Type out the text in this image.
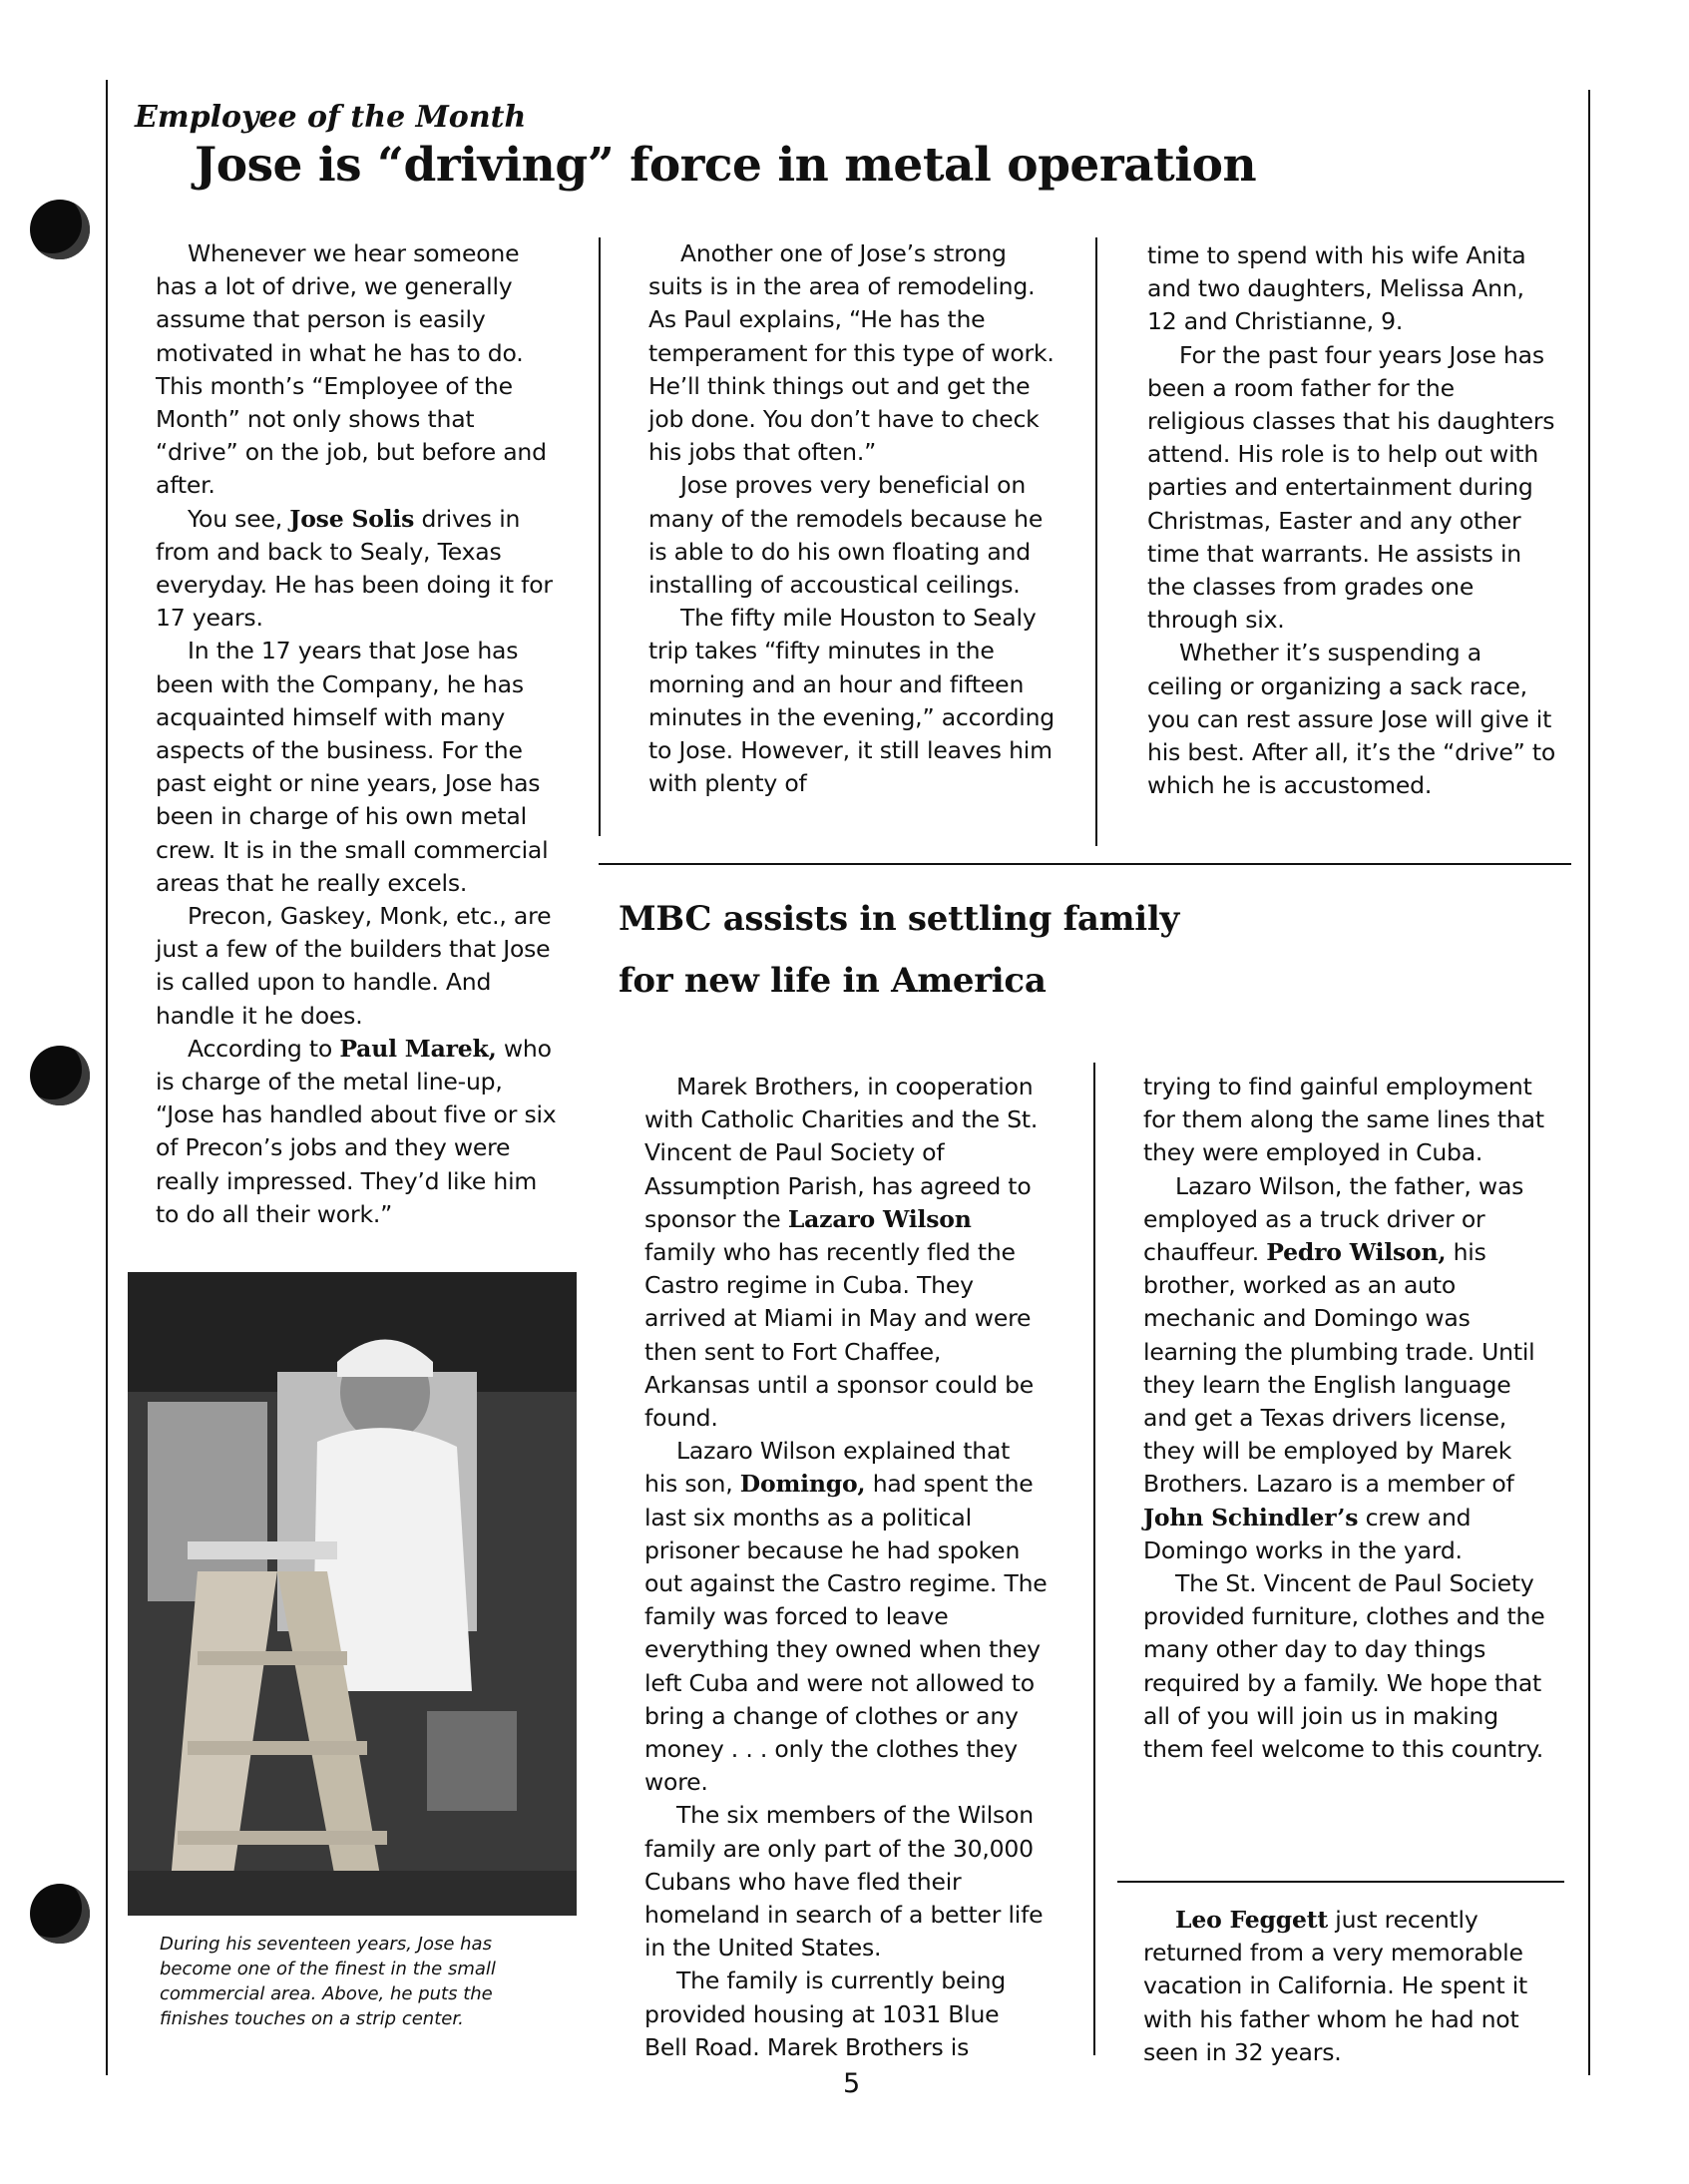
Employee of the Month
Jose is “driving” force in metal operation

Whenever we hear someone has a lot of drive, we generally assume that person is easily motivated in what he has to do. This month’s “Employee of the Month” not only shows that “drive” on the job, but before and after.

You see, Jose Solis drives in from and back to Sealy, Texas everyday. He has been doing it for 17 years.

In the 17 years that Jose has been with the Company, he has acquainted himself with many aspects of the business. For the past eight or nine years, Jose has been in charge of his own metal crew. It is in the small commercial areas that he really excels.

Precon, Gaskey, Monk, etc., are just a few of the builders that Jose is called upon to handle. And handle it he does.

According to Paul Marek, who is charge of the metal line-up, “Jose has handled about five or six of Precon’s jobs and they were really impressed. They’d like him to do all their work.”

During his seventeen years, Jose has become one of the finest in the small commercial area. Above, he puts the finishes touches on a strip center.

Another one of Jose’s strong suits is in the area of remodeling. As Paul explains, “He has the temperament for this type of work. He’ll think things out and get the job done. You don’t have to check his jobs that often.”

Jose proves very beneficial on many of the remodels because he is able to do his own floating and installing of accoustical ceilings.

The fifty mile Houston to Sealy trip takes “fifty minutes in the morning and an hour and fifteen minutes in the evening,” according to Jose. However, it still leaves him with plenty of

time to spend with his wife Anita and two daughters, Melissa Ann, 12 and Christianne, 9.

For the past four years Jose has been a room father for the religious classes that his daughters attend. His role is to help out with parties and entertainment during Christmas, Easter and any other time that warrants. He assists in the classes from grades one through six.

Whether it’s suspending a ceiling or organizing a sack race, you can rest assure Jose will give it his best. After all, it’s the “drive” to which he is accustomed.

MBC assists in settling family
for new life in America

Marek Brothers, in cooperation with Catholic Charities and the St. Vincent de Paul Society of Assumption Parish, has agreed to sponsor the Lazaro Wilson family who has recently fled the Castro regime in Cuba. They arrived at Miami in May and were then sent to Fort Chaffee, Arkansas until a sponsor could be found.

Lazaro Wilson explained that his son, Domingo, had spent the last six months as a political prisoner because he had spoken out against the Castro regime. The family was forced to leave everything they owned when they left Cuba and were not allowed to bring a change of clothes or any money . . . only the clothes they wore.

The six members of the Wilson family are only part of the 30,000 Cubans who have fled their homeland in search of a better life in the United States.

The family is currently being provided housing at 1031 Blue Bell Road. Marek Brothers is

trying to find gainful employment for them along the same lines that they were employed in Cuba.

Lazaro Wilson, the father, was employed as a truck driver or chauffeur. Pedro Wilson, his brother, worked as an auto mechanic and Domingo was learning the plumbing trade. Until they learn the English language and get a Texas drivers license, they will be employed by Marek Brothers. Lazaro is a member of John Schindler’s crew and Domingo works in the yard.

The St. Vincent de Paul Society provided furniture, clothes and the many other day to day things required by a family. We hope that all of you will join us in making them feel welcome to this country.

Leo Feggett just recently returned from a very memorable vacation in California. He spent it with his father whom he had not seen in 32 years.

5
